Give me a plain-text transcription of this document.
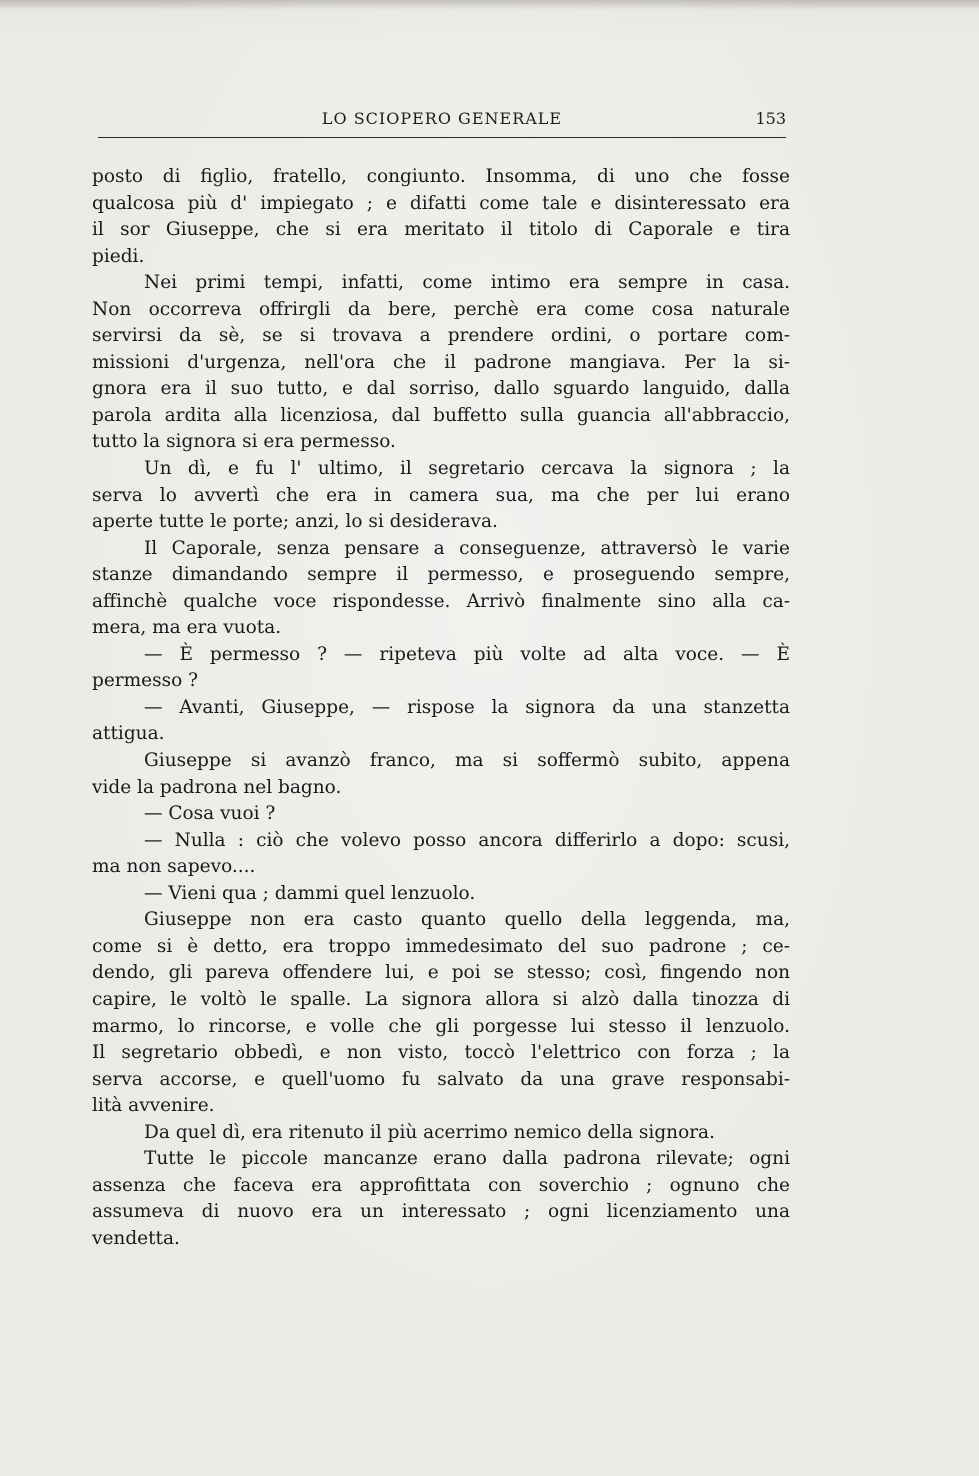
LO SCIOPERO GENERALE	153
posto di figlio, fratello, congiunto. Insomma, di uno che fosse
qualcosa più d' impiegato ; e difatti come tale e disinteressato era
il sor Giuseppe, che si era meritato il titolo di Caporale e tira
piedi.
Nei primi tempi, infatti, come intimo era sempre in casa.
Non occorreva offrirgli da bere, perchè era come cosa naturale
servirsi da sè, se si trovava a prendere ordini, o portare com-
missioni d'urgenza, nell'ora che il padrone mangiava. Per la si-
gnora era il suo tutto, e dal sorriso, dallo sguardo languido, dalla
parola ardita alla licenziosa, dal buffetto sulla guancia all'abbraccio,
tutto la signora si era permesso.
Un dì, e fu l' ultimo, il segretario cercava la signora ; la
serva lo avvertì che era in camera sua, ma che per lui erano
aperte tutte le porte; anzi, lo si desiderava.
Il Caporale, senza pensare a conseguenze, attraversò le varie
stanze dimandando sempre il permesso, e proseguendo sempre,
affinchè qualche voce rispondesse. Arrivò finalmente sino alla ca-
mera, ma era vuota.
— È permesso ? — ripeteva più volte ad alta voce. — È
permesso ?
— Avanti, Giuseppe, — rispose la signora da una stanzetta
attigua.
Giuseppe si avanzò franco, ma si soffermò subito, appena
vide la padrona nel bagno.
— Cosa vuoi ?
— Nulla : ciò che volevo posso ancora differirlo a dopo: scusi,
ma non sapevo....
— Vieni qua ; dammi quel lenzuolo.
Giuseppe non era casto quanto quello della leggenda, ma,
come si è detto, era troppo immedesimato del suo padrone ; ce-
dendo, gli pareva offendere lui, e poi se stesso; così, fingendo non
capire, le voltò le spalle. La signora allora si alzò dalla tinozza di
marmo, lo rincorse, e volle che gli porgesse lui stesso il lenzuolo.
Il segretario obbedì, e non visto, toccò l'elettrico con forza ; la
serva accorse, e quell'uomo fu salvato da una grave responsabi-
lità avvenire.
Da quel dì, era ritenuto il più acerrimo nemico della signora.
Tutte le piccole mancanze erano dalla padrona rilevate; ogni
assenza che faceva era approfittata con soverchio ; ognuno che
assumeva di nuovo era un interessato ; ogni licenziamento una
vendetta.
